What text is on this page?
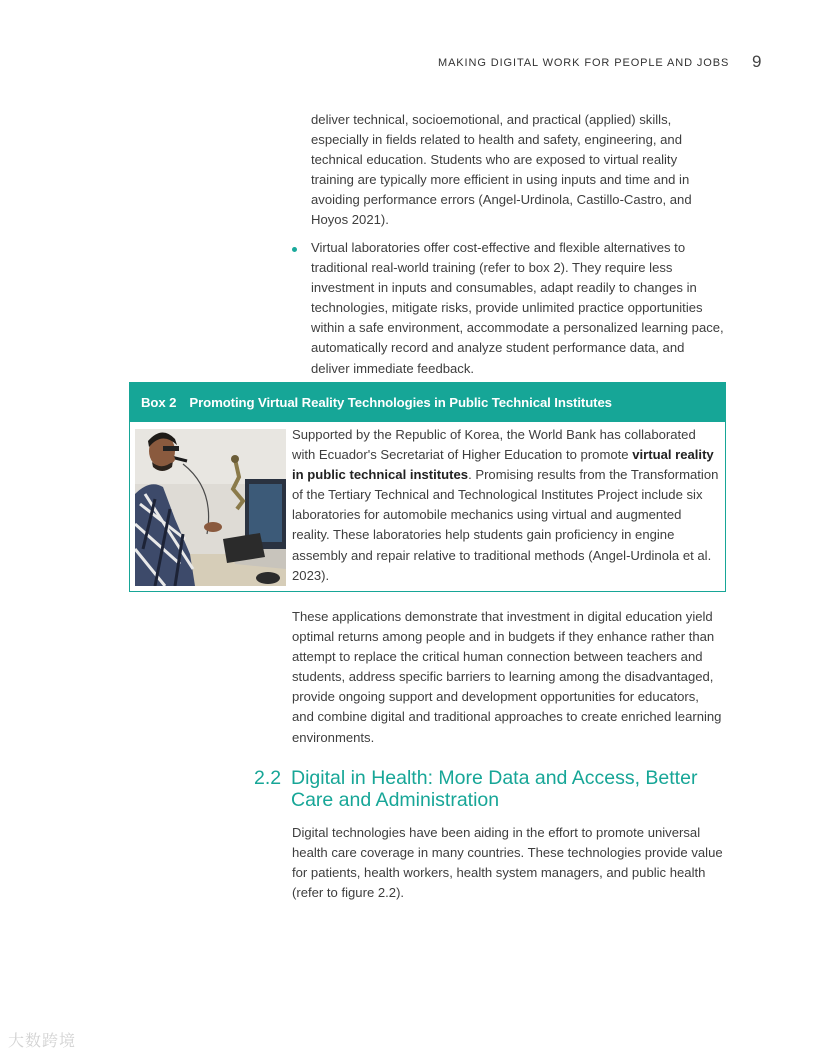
MAKING DIGITAL WORK FOR PEOPLE AND JOBS 9

deliver technical, socioemotional, and practical (applied) skills, especially in fields related to health and safety, engineering, and technical education. Students who are exposed to virtual reality training are typically more efficient in using inputs and time and in avoiding performance errors (Angel-Urdinola, Castillo-Castro, and Hoyos 2021).

Virtual laboratories offer cost-effective and flexible alternatives to traditional real-world training (refer to box 2). They require less investment in inputs and consumables, adapt readily to changes in technologies, mitigate risks, provide unlimited practice opportunities within a safe environment, accommodate a personalized learning pace, automatically record and analyze student performance data, and deliver immediate feedback.

Box 2 Promoting Virtual Reality Technologies in Public Technical Institutes

Supported by the Republic of Korea, the World Bank has collaborated with Ecuador's Secretariat of Higher Education to promote virtual reality in public technical institutes. Promising results from the Transformation of the Tertiary Technical and Technological Institutes Project include six laboratories for automobile mechanics using virtual and augmented reality. These laboratories help students gain proficiency in engine assembly and repair relative to traditional methods (Angel-Urdinola et al. 2023).

These applications demonstrate that investment in digital education yield optimal returns among people and in budgets if they enhance rather than attempt to replace the critical human connection between teachers and students, address specific barriers to learning among the disadvantaged, provide ongoing support and development opportunities for educators, and combine digital and traditional approaches to create enriched learning environments.

2.2 Digital in Health: More Data and Access, Better Care and Administration

Digital technologies have been aiding in the effort to promote universal health care coverage in many countries. These technologies provide value for patients, health workers, health system managers, and public health (refer to figure 2.2).

大数跨境
